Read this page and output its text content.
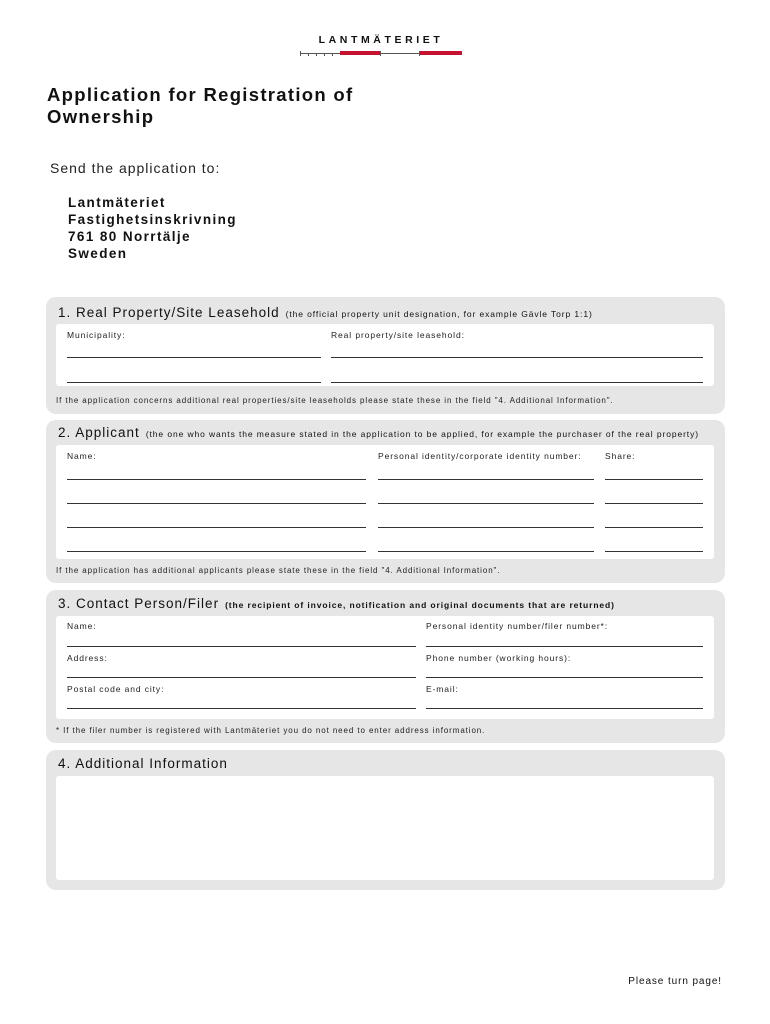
LANTMÄTERIET
Application for Registration of Ownership
Send the application to:
Lantmäteriet
Fastighetsinskrivning
761 80 Norrtälje
Sweden
1. Real Property/Site Leasehold (the official property unit designation, for example Gävle Torp 1:1)
Municipality:	Real property/site leasehold:
If the application concerns additional real properties/site leaseholds please state these in the field "4. Additional Information".
2. Applicant (the one who wants the measure stated in the application to be applied, for example the purchaser of the real property)
Name:	Personal identity/corporate identity number:	Share:
If the application has additional applicants please state these in the field "4. Additional Information".
3. Contact Person/Filer (the recipient of invoice, notification and original documents that are returned)
Name:	Personal identity number/filer number*:
Address:	Phone number (working hours):
Postal code and city:	E-mail:
* If the filer number is registered with Lantmäteriet you do not need to enter address information.
4. Additional Information
Please turn page!
